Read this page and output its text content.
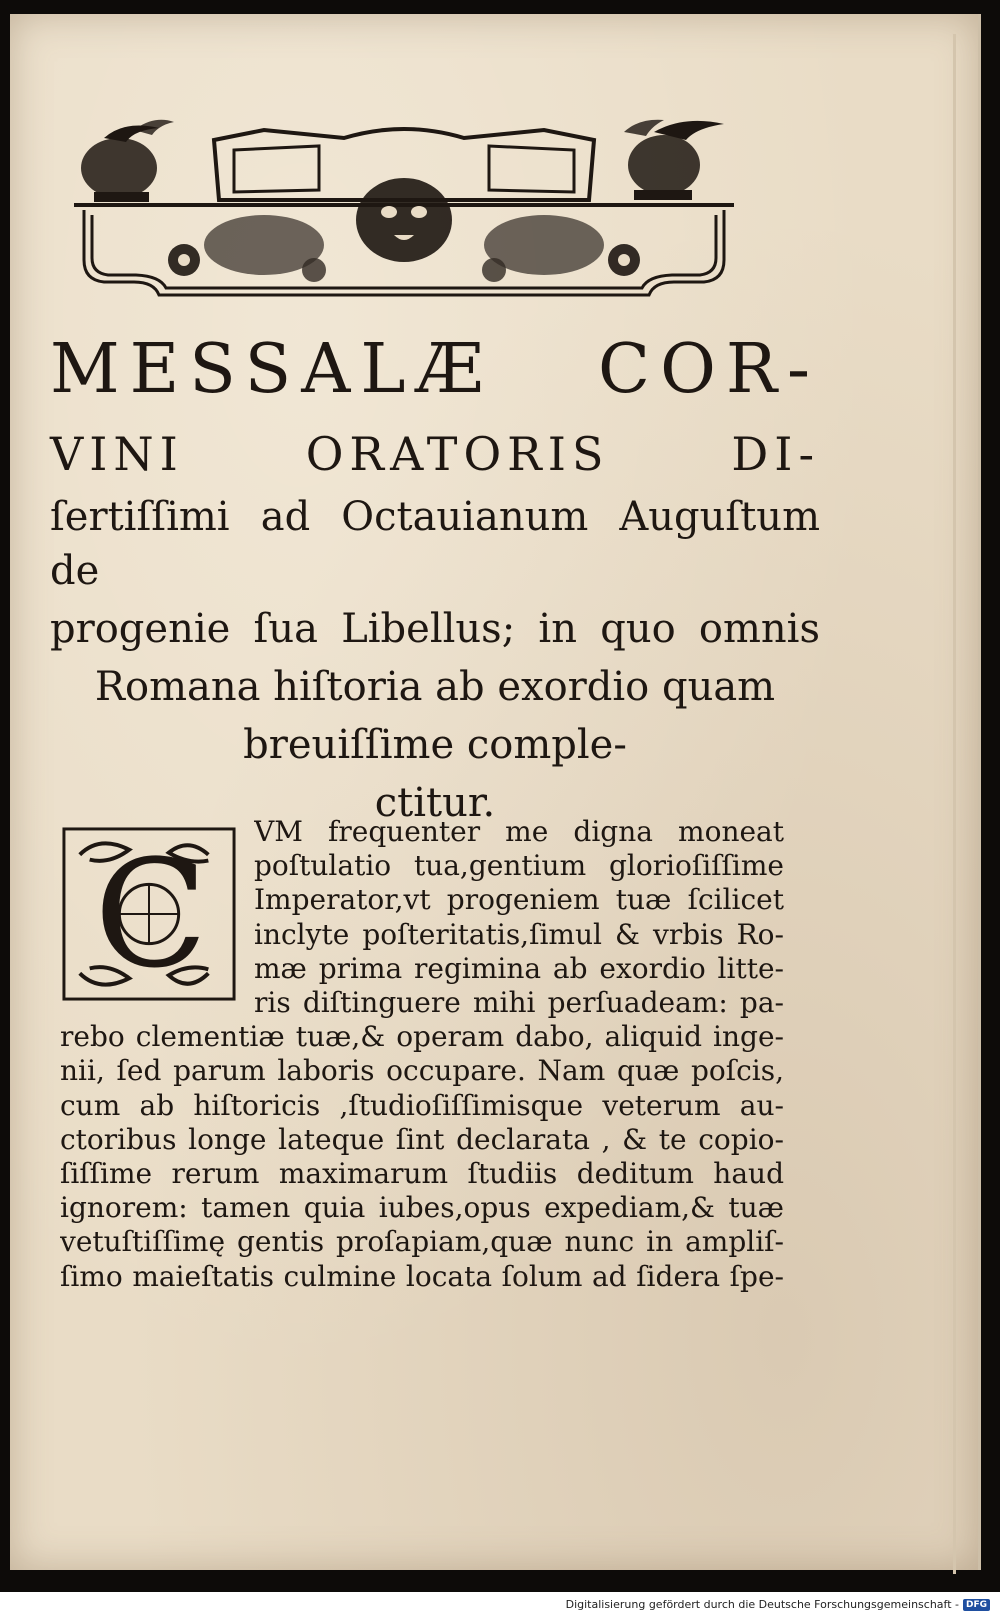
MESSALÆ COR-
VINI ORATORIS DI-
ſertiſſimi ad Octauianum Auguſtum de
progenie ſua Libellus; in quo omnis
Romana hiſtoria ab exordio quam
breuiſſime comple-
ctitur.
C VM frequenter me digna moneat
poſtulatio tua,gentium glorioſiſſime
Imperator,vt progeniem tuæ ſcilicet
inclyte poſteritatis,ſimul & vrbis Ro-
mæ prima regimina ab exordio litte-
ris diſtinguere mihi perſuadeam: pa-
rebo clementiæ tuæ,& operam dabo, aliquid inge-
nii, ſed parum laboris occupare. Nam quæ poſcis,
cum ab hiſtoricis ,ſtudioſiſſimisque veterum au-
ctoribus longe lateque ſint declarata , & te copio-
ſiſſime rerum maximarum ſtudiis deditum haud
ignorem: tamen quia iubes,opus expediam,& tuæ
vetuſtiſſimę gentis proſapiam,quæ nunc in ampliſ-
ſimo maieſtatis culmine locata ſolum ad ſidera ſpe-
Digitalisierung gefördert durch die Deutsche Forschungsgemeinschaft - DFG
